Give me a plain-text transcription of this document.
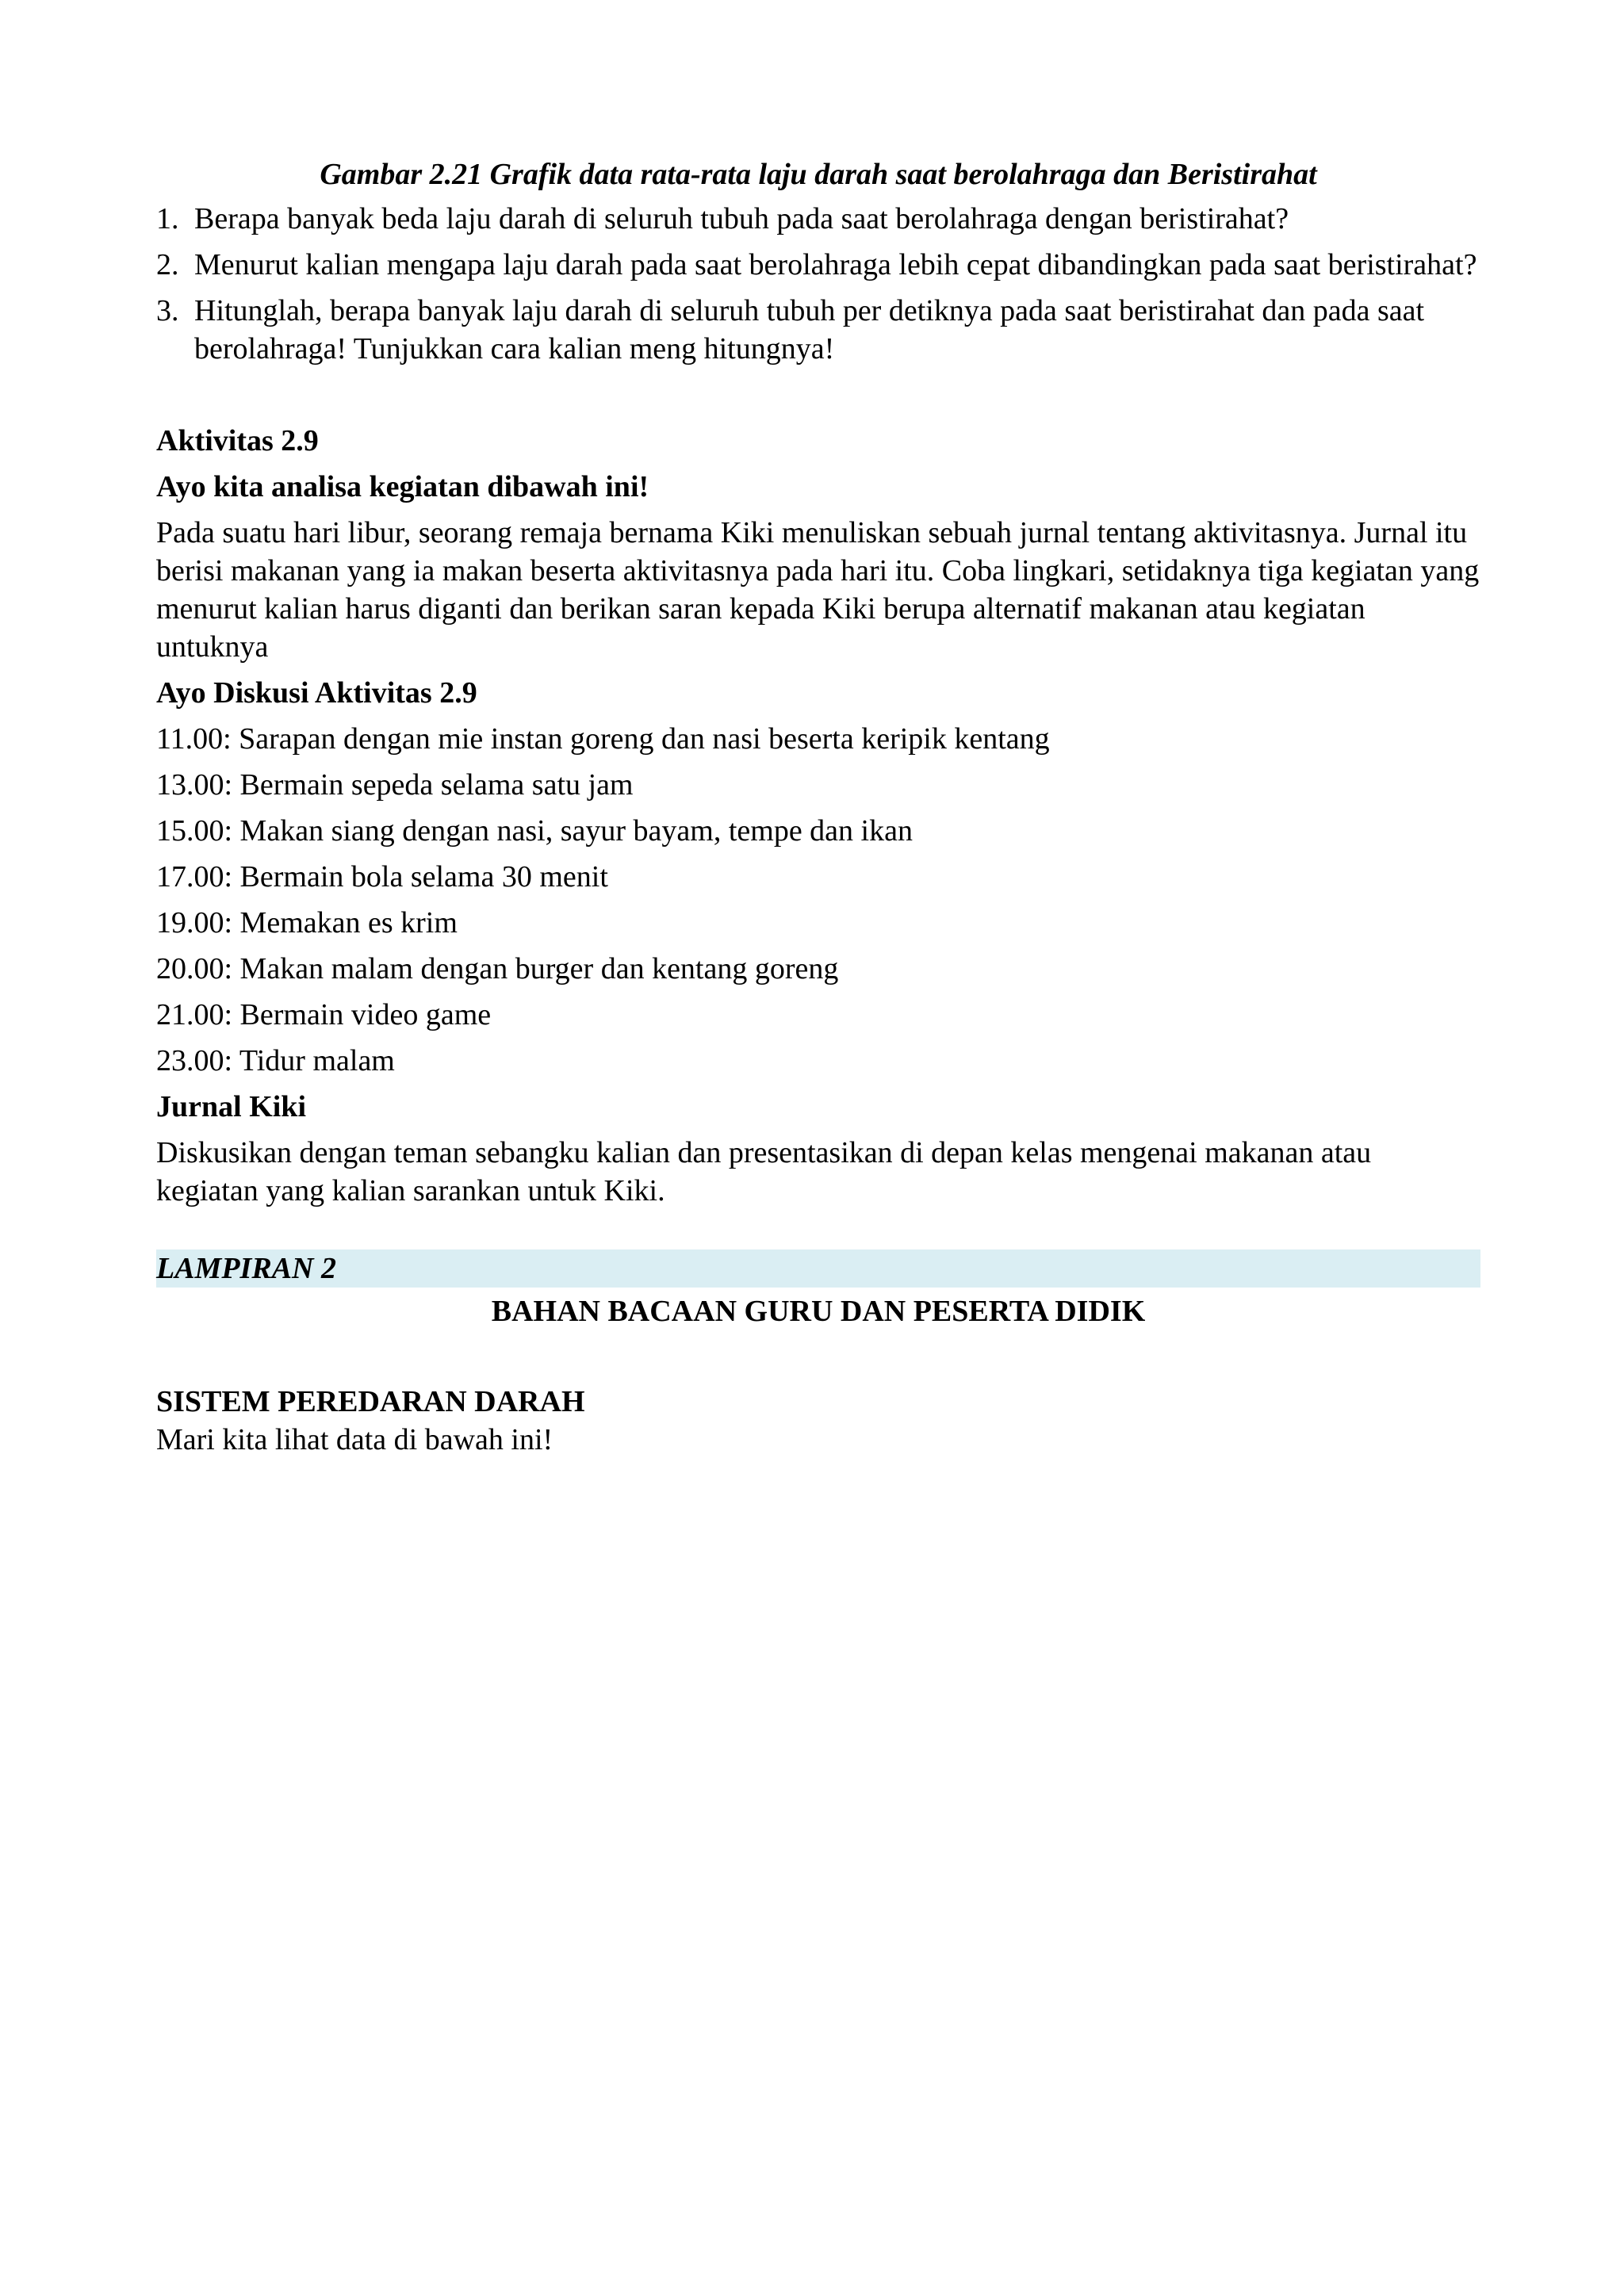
Gambar 2.21 Grafik data rata-rata laju darah saat berolahraga dan Beristirahat
1. Berapa banyak beda laju darah di seluruh tubuh pada saat berolahraga dengan beristirahat?
2. Menurut kalian mengapa laju darah pada saat berolahraga lebih cepat dibandingkan pada saat beristirahat?
3. Hitunglah, berapa banyak laju darah di seluruh tubuh per detiknya pada saat beristirahat dan pada saat berolahraga! Tunjukkan cara kalian meng hitungnya!
Aktivitas 2.9
Ayo kita analisa kegiatan dibawah ini!
Pada suatu hari libur, seorang remaja bernama Kiki menuliskan sebuah jurnal tentang aktivitasnya. Jurnal itu berisi makanan yang ia makan beserta aktivitasnya pada hari itu. Coba lingkari, setidaknya tiga kegiatan yang menurut kalian harus diganti dan berikan saran kepada Kiki berupa alternatif makanan atau kegiatan untuknya
Ayo Diskusi Aktivitas 2.9
11.00: Sarapan dengan mie instan goreng dan nasi beserta keripik kentang
13.00: Bermain sepeda selama satu jam
15.00: Makan siang dengan nasi, sayur bayam, tempe dan ikan
17.00: Bermain bola selama 30 menit
19.00: Memakan es krim
20.00: Makan malam dengan burger dan kentang goreng
21.00: Bermain video game
23.00: Tidur malam
Jurnal Kiki
Diskusikan dengan teman sebangku kalian dan presentasikan di depan kelas mengenai makanan atau kegiatan yang kalian sarankan untuk Kiki.
LAMPIRAN 2
BAHAN BACAAN GURU DAN PESERTA DIDIK
SISTEM PEREDARAN DARAH
Mari kita lihat data di bawah ini!
